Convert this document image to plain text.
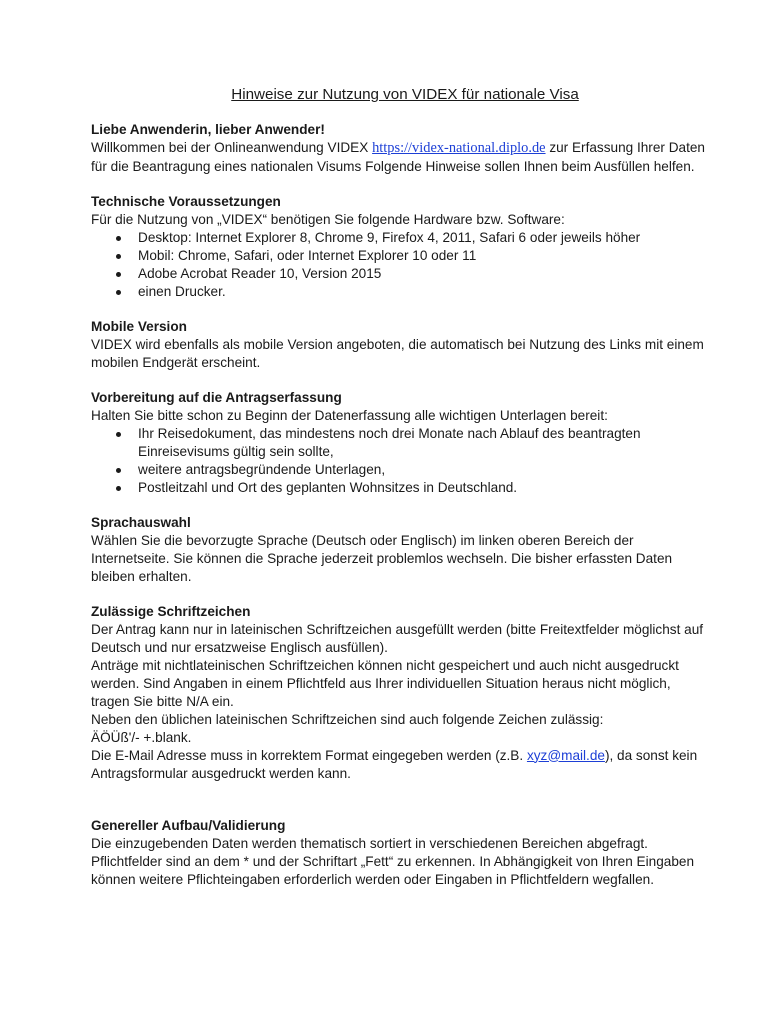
Hinweise zur Nutzung von VIDEX für nationale Visa
Liebe Anwenderin, lieber Anwender!

Willkommen bei der Onlineanwendung VIDEX https://videx-national.diplo.de zur Erfassung Ihrer Daten für die Beantragung eines nationalen Visums Folgende Hinweise sollen Ihnen beim Ausfüllen helfen.

Technische Voraussetzungen

Für die Nutzung von „VIDEX“ benötigen Sie folgende Hardware bzw. Software:

Desktop: Internet Explorer 8, Chrome 9, Firefox 4, 2011, Safari 6 oder jeweils höher
Mobil: Chrome, Safari, oder Internet Explorer 10 oder 11
Adobe Acrobat Reader 10, Version 2015
einen Drucker.
Mobile Version

VIDEX wird ebenfalls als mobile Version angeboten, die automatisch bei Nutzung des Links mit einem mobilen Endgerät erscheint.

Vorbereitung auf die Antragserfassung

Halten Sie bitte schon zu Beginn der Datenerfassung alle wichtigen Unterlagen bereit:

Ihr Reisedokument, das mindestens noch drei Monate nach Ablauf des beantragten Einreisevisums gültig sein sollte,
weitere antragsbegründende Unterlagen,
Postleitzahl und Ort des geplanten Wohnsitzes in Deutschland.
Sprachauswahl

Wählen Sie die bevorzugte Sprache (Deutsch oder Englisch) im linken oberen Bereich der Internetseite. Sie können die Sprache jederzeit problemlos wechseln. Die bisher erfassten Daten bleiben erhalten.

Zulässige Schriftzeichen

Der Antrag kann nur in lateinischen Schriftzeichen ausgefüllt werden (bitte Freitextfelder möglichst auf Deutsch und nur ersatzweise Englisch ausfüllen).

Anträge mit nichtlateinischen Schriftzeichen können nicht gespeichert und auch nicht ausgedruckt werden. Sind Angaben in einem Pflichtfeld aus Ihrer individuellen Situation heraus nicht möglich, tragen Sie bitte N/A ein.

Neben den üblichen lateinischen Schriftzeichen sind auch folgende Zeichen zulässig:

ÄÖÜß'/- +.blank.

Die E-Mail Adresse muss in korrektem Format eingegeben werden (z.B. xyz@mail.de), da sonst kein Antragsformular ausgedruckt werden kann.

Genereller Aufbau/Validierung

Die einzugebenden Daten werden thematisch sortiert in verschiedenen Bereichen abgefragt. Pflichtfelder sind an dem * und der Schriftart „Fett“ zu erkennen. In Abhängigkeit von Ihren Eingaben können weitere Pflichteingaben erforderlich werden oder Eingaben in Pflichtfeldern wegfallen.
